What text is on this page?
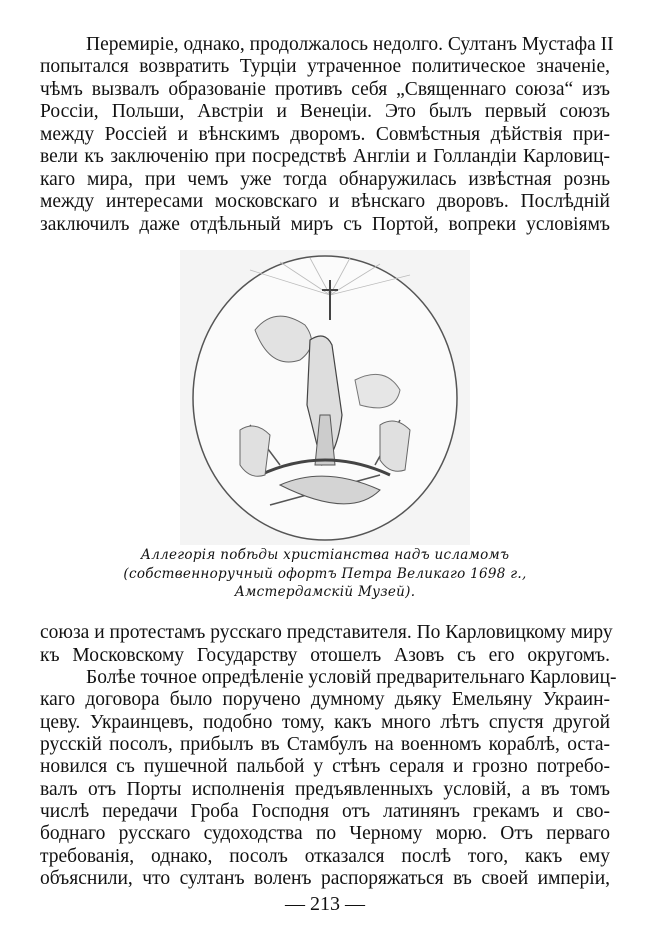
Перемиріе, однако, продолжалось недолго. Султанъ Мустафа II
попытался возвратить Турціи утраченное политическое значеніе,
чѣмъ вызвалъ образованіе противъ себя „Священнаго союза“ изъ
Россіи, Польши, Австріи и Венеціи. Это былъ первый союзъ
между Россіей и вѣнскимъ дворомъ. Совмѣстныя дѣйствія при-
вели къ заключенію при посредствѣ Англіи и Голландіи Карловиц-
каго мира, при чемъ уже тогда обнаружилась извѣстная рознь
между интересами московскаго и вѣнскаго дворовъ. Послѣдній
заключилъ даже отдѣльный миръ съ Портой, вопреки условіямъ
Аллегорія побѣды христіанства надъ исламомъ
(собственноручный офортъ Петра Великаго 1698 г.,
Амстердамскій Музей).
союза и протестамъ русскаго представителя. По Карловицкому миру
къ Московскому Государству отошелъ Азовъ съ его округомъ.
Болѣе точное опредѣленіе условій предварительнаго Карловиц-
каго договора было поручено думному дьяку Емельяну Украин-
цеву. Украинцевъ, подобно тому, какъ много лѣтъ спустя другой
русскій посолъ, прибылъ въ Стамбулъ на военномъ кораблѣ, оста-
новился съ пушечной пальбой у стѣнъ сераля и грозно потребо-
валъ отъ Порты исполненія предъявленныхъ условій, а въ томъ
числѣ передачи Гроба Господня отъ латинянъ грекамъ и сво-
боднаго русскаго судоходства по Черному морю. Отъ перваго
требованія, однако, посолъ отказался послѣ того, какъ ему
объяснили, что султанъ воленъ распоряжаться въ своей имперіи,
— 213 —
